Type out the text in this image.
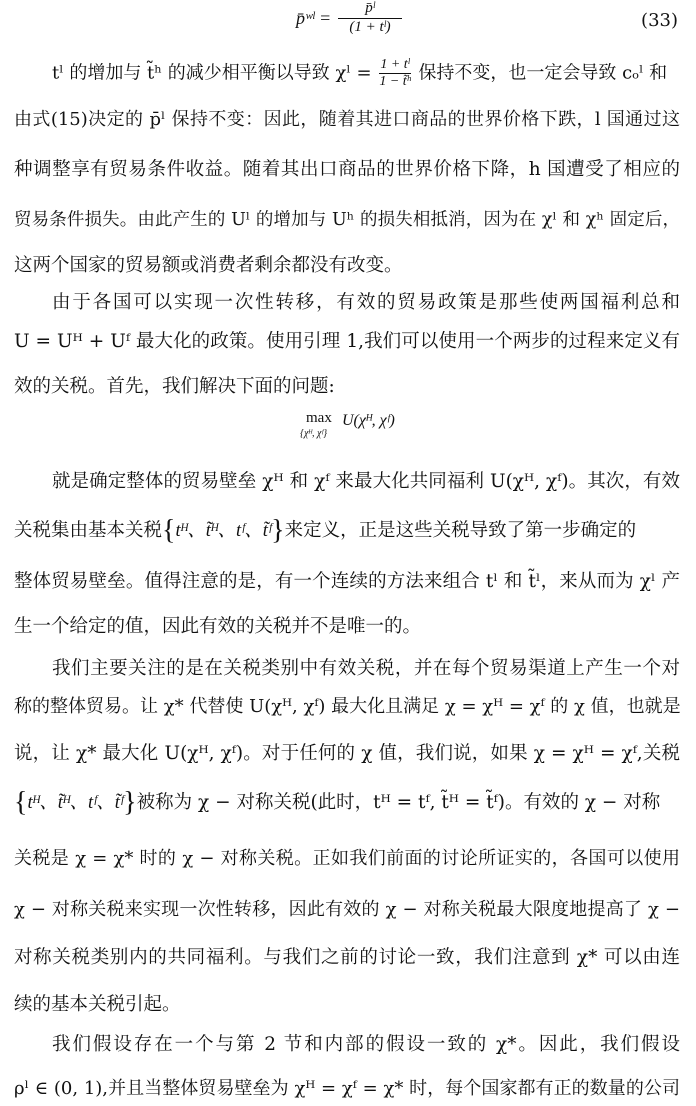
p̄ʷˡ =	p̄ˡ
(1 + tˡ)	(33)
tˡ 的增加与 t̃ʰ 的减少相平衡以导致 χˡ = $\frac{\text{1 + tˡ}}{\text{1 − t̃ʰ}}$ 保持不变，也一定会导致 cₒˡ 和
由式(15)决定的 p̄ˡ 保持不变：因此，随着其进口商品的世界价格下跌，l 国通过这
种调整享有贸易条件收益。随着其出口商品的世界价格下降，h 国遭受了相应的
贸易条件损失。由此产生的 Uˡ 的增加与 Uʰ 的损失相抵消，因为在 χˡ 和 χʰ 固定后，
这两个国家的贸易额或消费者剩余都没有改变。
由于各国可以实现一次性转移，有效的贸易政策是那些使两国福利总和
U = Uᴴ + Uᶠ 最大化的政策。使用引理 1,我们可以使用一个两步的过程来定义有
效的关税。首先，我们解决下面的问题:
max
{χᴴ, χᶠ}
U(χᴴ, χᶠ)
就是确定整体的贸易壁垒 χᴴ 和 χᶠ 来最大化共同福利 U(χᴴ, χᶠ)。其次，有效
关税集由基本关税{tᴴ、t̃ᴴ、tᶠ、t̃ᶠ}来定义，正是这些关税导致了第一步确定的
整体贸易壁垒。值得注意的是，有一个连续的方法来组合 tˡ 和 t̃ˡ，来从而为 χˡ 产
生一个给定的值，因此有效的关税并不是唯一的。
我们主要关注的是在关税类别中有效关税，并在每个贸易渠道上产生一个对
称的整体贸易。让 χ* 代替使 U(χᴴ, χᶠ) 最大化且满足 χ = χᴴ = χᶠ 的 χ 值，也就是
说，让 χ* 最大化 U(χᴴ, χᶠ)。对于任何的 χ 值，我们说，如果 χ = χᴴ = χᶠ,关税
{tᴴ、t̃ᴴ、tᶠ、t̃ᶠ}被称为 χ − 对称关税(此时，tᴴ = tᶠ, t̃ᴴ = t̃ᶠ)。有效的 χ − 对称
关税是 χ = χ* 时的 χ − 对称关税。正如我们前面的讨论所证实的，各国可以使用
χ − 对称关税来实现一次性转移，因此有效的 χ − 对称关税最大限度地提高了 χ −
对称关税类别内的共同福利。与我们之前的讨论一致，我们注意到 χ* 可以由连
续的基本关税引起。
我们假设存在一个与第 2 节和内部的假设一致的 χ*。因此，我们假设
ρˡ ∈ (0, 1),并且当整体贸易壁垒为 χᴴ = χᶠ = χ* 时，每个国家都有正的数量的公司
